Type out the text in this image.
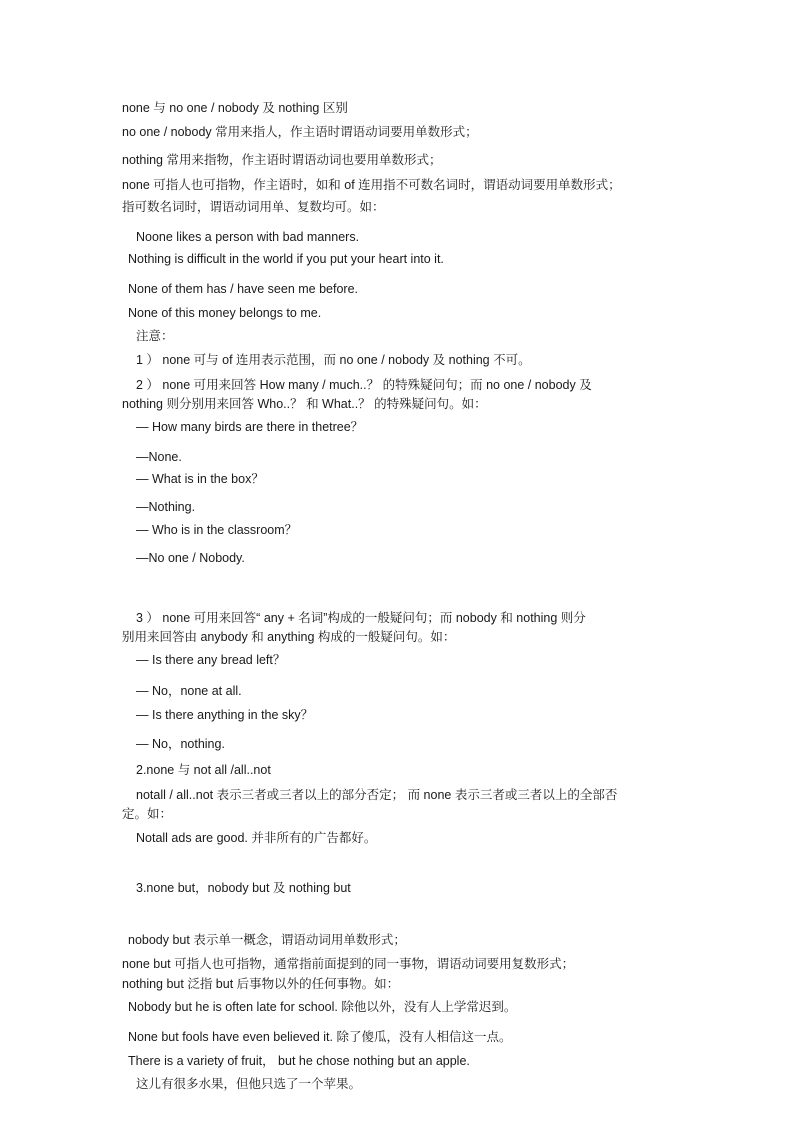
none 与 no one / nobody 及 nothing 区别
no one / nobody 常用来指人，作主语时谓语动词要用单数形式；
nothing 常用来指物，作主语时谓语动词也要用单数形式；
none 可指人也可指物，作主语时，如和 of 连用指不可数名词时，谓语动词要用单数形式；
指可数名词时，谓语动词用单、复数均可。如：
Noone likes a person with bad manners.
Nothing is difficult in the world if you put your heart into it.
None of them has / have seen me before.
None of this money belongs to me.
注意：
1 ） none 可与 of 连用表示范围，而 no one / nobody 及 nothing 不可。
2 ） none 可用来回答 How many / much..？ 的特殊疑问句；而 no one / nobody 及
nothing 则分别用来回答 Who..？ 和 What..？ 的特殊疑问句。如：
— How many birds are there in thetree？
—None.
— What is in the box？
—Nothing.
— Who is in the classroom？
—No one / Nobody.
3 ） none 可用来回答“ any + 名词”构成的一般疑问句；而 nobody 和 nothing 则分
别用来回答由 anybody 和 anything 构成的一般疑问句。如：
— Is there any bread left？
— No，none at all.
— Is there anything in the sky？
— No，nothing.
2.none 与 not all /all..not
notall / all..not 表示三者或三者以上的部分否定； 而 none 表示三者或三者以上的全部否
定。如：
Notall ads are good. 并非所有的广告都好。
3.none but，nobody but 及 nothing but
nobody but 表示单一概念，谓语动词用单数形式；
none but 可指人也可指物，通常指前面提到的同一事物，谓语动词要用复数形式；
nothing but 泛指 but 后事物以外的任何事物。如：
Nobody but he is often late for school. 除他以外，没有人上学常迟到。
None but fools have even believed it. 除了傻瓜，没有人相信这一点。
There is a variety of fruit， but he chose nothing but an apple.
这儿有很多水果，但他只选了一个苹果。
